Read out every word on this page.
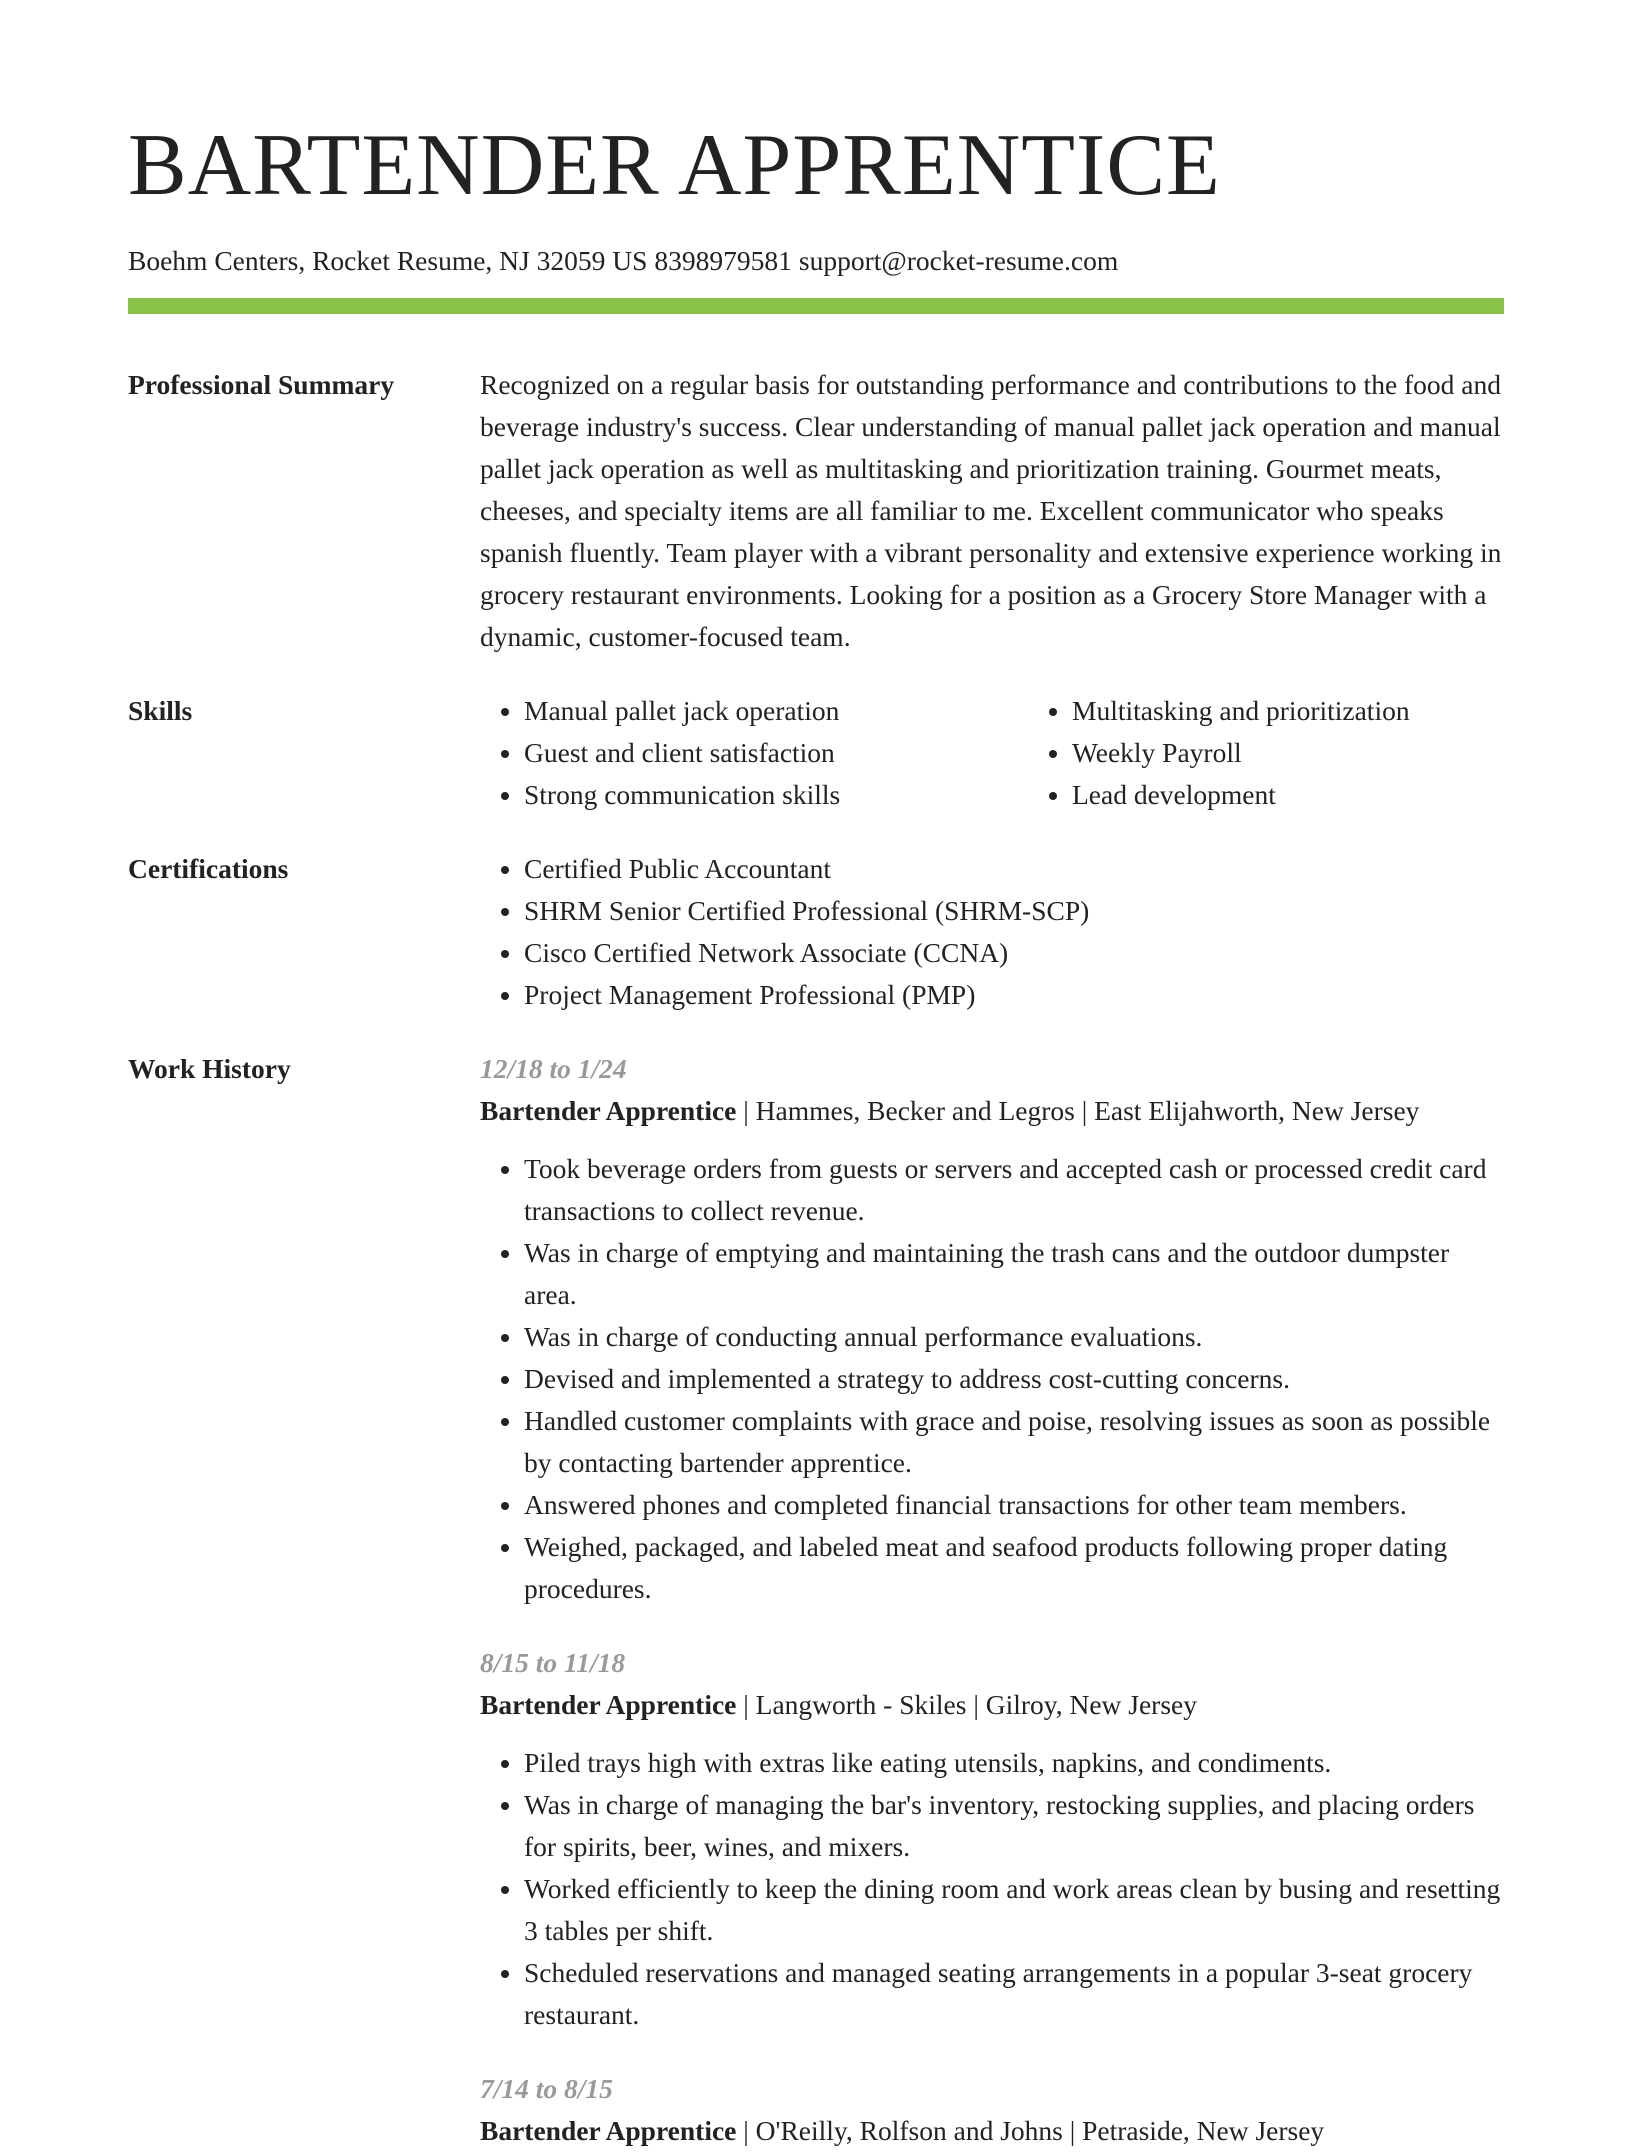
BARTENDER APPRENTICE
Boehm Centers, Rocket Resume, NJ 32059 US 8398979581 support@rocket-resume.com
Professional Summary	Recognized on a regular basis for outstanding performance and contributions to the food and beverage industry's success. Clear understanding of manual pallet jack operation and manual pallet jack operation as well as multitasking and prioritization training. Gourmet meats, cheeses, and specialty items are all familiar to me. Excellent communicator who speaks spanish fluently. Team player with a vibrant personality and extensive experience working in grocery restaurant environments. Looking for a position as a Grocery Store Manager with a dynamic, customer-focused team.

Skills	• Manual pallet jack operation
• Guest and client satisfaction
• Strong communication skills
• Multitasking and prioritization
• Weekly Payroll
• Lead development
Certifications	• Certified Public Accountant
• SHRM Senior Certified Professional (SHRM-SCP)
• Cisco Certified Network Associate (CCNA)
• Project Management Professional (PMP)
Work History	12/18 to 1/24
Bartender Apprentice | Hammes, Becker and Legros | East Elijahworth, New Jersey
• Took beverage orders from guests or servers and accepted cash or processed credit card transactions to collect revenue.
• Was in charge of emptying and maintaining the trash cans and the outdoor dumpster area.
• Was in charge of conducting annual performance evaluations.
• Devised and implemented a strategy to address cost-cutting concerns.
• Handled customer complaints with grace and poise, resolving issues as soon as possible by contacting bartender apprentice.
• Answered phones and completed financial transactions for other team members.
• Weighed, packaged, and labeled meat and seafood products following proper dating procedures.
8/15 to 11/18
Bartender Apprentice | Langworth - Skiles | Gilroy, New Jersey
• Piled trays high with extras like eating utensils, napkins, and condiments.
• Was in charge of managing the bar's inventory, restocking supplies, and placing orders for spirits, beer, wines, and mixers.
• Worked efficiently to keep the dining room and work areas clean by busing and resetting 3 tables per shift.
• Scheduled reservations and managed seating arrangements in a popular 3-seat grocery restaurant.
7/14 to 8/15
Bartender Apprentice | O'Reilly, Rolfson and Johns | Petraside, New Jersey
